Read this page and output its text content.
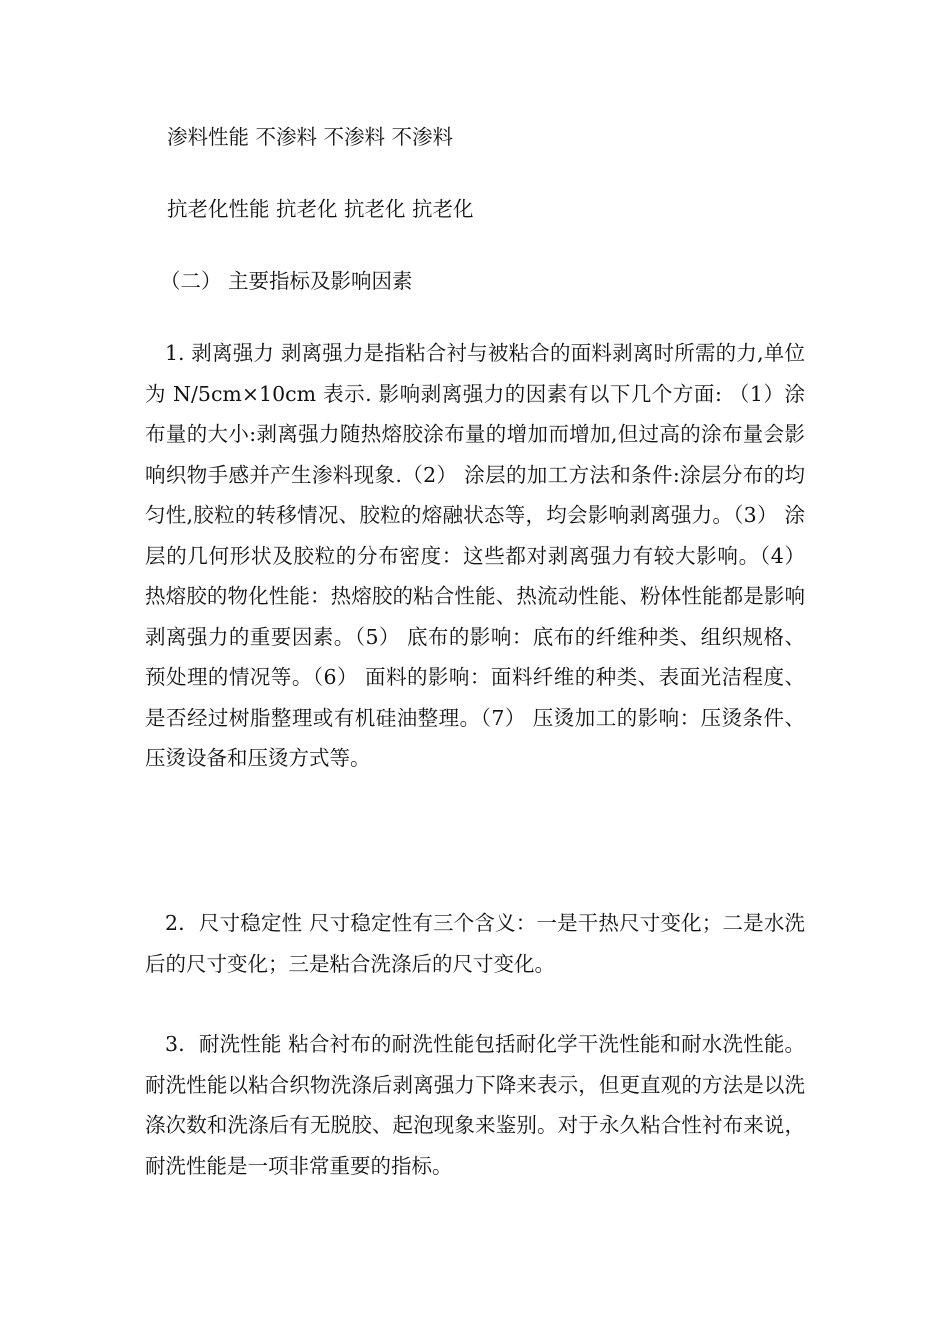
渗料性能 不渗料 不渗料 不渗料
抗老化性能 抗老化 抗老化 抗老化
（二） 主要指标及影响因素

1. 剥离强力 剥离强力是指粘合衬与被粘合的面料剥离时所需的力,单位为 N/5cm×10cm 表示. 影响剥离强力的因素有以下几个方面: （1）涂布量的大小:剥离强力随热熔胶涂布量的增加而增加,但过高的涂布量会影响织物手感并产生渗料现象.（2） 涂层的加工方法和条件:涂层分布的均匀性,胶粒的转移情况、胶粒的熔融状态等，均会影响剥离强力。（3） 涂层的几何形状及胶粒的分布密度：这些都对剥离强力有较大影响。（4） 热熔胶的物化性能：热熔胶的粘合性能、热流动性能、粉体性能都是影响剥离强力的重要因素。（5） 底布的影响：底布的纤维种类、组织规格、预处理的情况等。（6） 面料的影响：面料纤维的种类、表面光洁程度、是否经过树脂整理或有机硅油整理。（7） 压烫加工的影响：压烫条件、压烫设备和压烫方式等。

2．尺寸稳定性 尺寸稳定性有三个含义：一是干热尺寸变化；二是水洗后的尺寸变化；三是粘合洗涤后的尺寸变化。

3．耐洗性能 粘合衬布的耐洗性能包括耐化学干洗性能和耐水洗性能。耐洗性能以粘合织物洗涤后剥离强力下降来表示，但更直观的方法是以洗涤次数和洗涤后有无脱胶、起泡现象来鉴别。对于永久粘合性衬布来说，耐洗性能是一项非常重要的指标。
